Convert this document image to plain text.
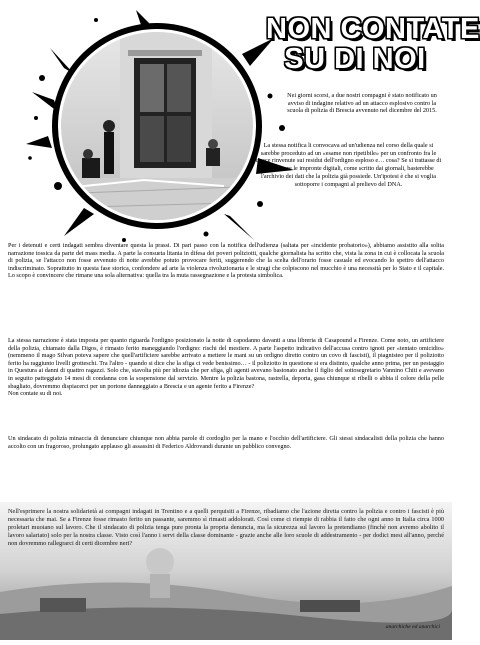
NON CONTATE
SU DI NOI
Nei giorni scorsi, a due nostri compagni è stato notificato un avviso di indagine relativo ad un attacco esplosivo contro la scuola di polizia di Brescia avvenuto nel dicembre del 2015.
La stessa notifica li convocava ad un'udienza nel corso della quale si sarebbe proceduto ad un «esame non ripetibile» per un confronto fra le tracce rinvenute sui residui dell'ordigno esploso e… cosa? Se si trattasse di confrontare le impronte digitali, come scritto dai giornali, basterebbe l'archivio dei dati che la polizia già possiede. Un'ipotesi è che si voglia sottoporre i compagni al prelievo del DNA.
Per i detenuti e certi indagati sembra diventare questa la prassi. Di pari passo con la notifica dell'udienza (saltata per «incidente probatorio»), abbiamo assistito alla solita narrazione tossica da parte dei mass media. A parte la consueta litania in difesa dei poveri poliziotti, qualche giornalista ha scritto che, vista la zona in cui è collocata la scuola di polizia, se l'attacco non fosse avvenuto di notte avrebbe potuto provocare feriti, suggerendo che la scelta dell'orario fosse casuale ed evocando lo spettro dell'attacco indiscriminato. Soprattutto in questa fase storica, confondere ad arte la violenza rivoluzionaria e le stragi che colpiscono nel mucchio è una necessità per lo Stato e il capitale. Lo scopo è convincere che rimane una sola alternativa: quella tra la muta rassegnazione e la protesta simbolica.
La stessa narrazione è stata imposta per quanto riguarda l'ordigno posizionato la notte di capodanno davanti a una libreria di Casapound a Firenze. Come noto, un artificiere della polizia, chiamato dalla Digos, è rimasto ferito maneggiando l'ordigno: rischi del mestiere. A parte l'aspetto indicativo dell'accusa contro ignoti per «tentato omicidio» (nemmeno il mago Silvan poteva sapere che quell'artificiere sarebbe arrivato a mettere le mani su un ordigno diretto contro un covo di fascisti), il piagnisteo per il poliziotto ferito ha raggiunto livelli grotteschi. Tra l'altro - quando si dice che la sfiga ci vede benissimo… - il poliziotto in questione si era distinto, qualche anno prima, per un pestaggio in Questura ai danni di quattro ragazzi. Solo che, stavolta più per idiozia che per sfiga, gli agenti avevano bastonato anche il figlio del sottosegretario Vannino Chiti e avevano in seguito patteggiato 14 mesi di condanna con la sospensione dal servizio. Mentre la polizia bastona, rastrella, deporta, gasa chiunque si ribelli o abbia il colore della pelle sbagliato, dovremmo dispiacerci per un portone danneggiato a Brescia e un agente ferito a Firenze?
Non contate su di noi.
Un sindacato di polizia minaccia di denunciare chiunque non abbia parole di cordoglio per la mano e l'occhio dell'artificiere. Gli stessi sindacalisti della polizia che hanno accolto con un fragoroso, prolungato applauso gli assassini di Federico Aldrovandi durante un pubblico convegno.
Nell'esprimere la nostra solidarietà ai compagni indagati in Trentino e a quelli perquisiti a Firenze, ribadiamo che l'azione diretta contro la polizia e contro i fascisti è più necessaria che mai. Se a Firenze fosse rimasto ferito un passante, saremmo sì rimasti addolorati. Così come ci riempie di rabbia il fatto che ogni anno in Italia circa 1000 proletari muoiano sul lavoro. Che il sindacato di polizia tenga pure pronta la propria denuncia, ma la sicurezza sul lavoro la pretendiamo (finché non avremo abolito il lavoro salariato) solo per la nostra classe. Visto così l'anno i servi della classe dominante - grazie anche alle loro scuole di addestramento - per dodici mesi all'anno, perché non dovremmo rallegrarci di certi dicembre neri?
anarchiche ed anarchici
